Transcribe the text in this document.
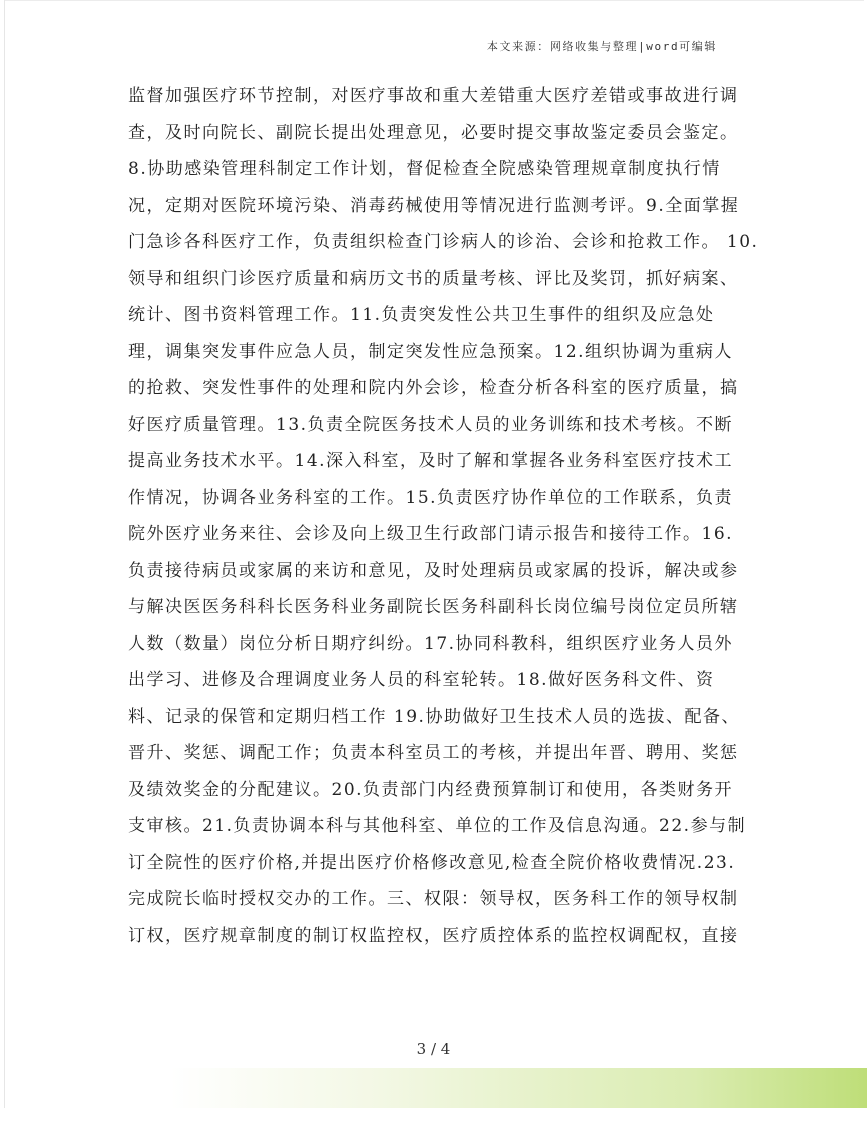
本文来源：网络收集与整理|word可编辑
监督加强医疗环节控制，对医疗事故和重大差错重大医疗差错或事故进行调
查，及时向院长、副院长提出处理意见，必要时提交事故鉴定委员会鉴定。
8.协助感染管理科制定工作计划，督促检查全院感染管理规章制度执行情
况，定期对医院环境污染、消毒药械使用等情况进行监测考评。9.全面掌握
门急诊各科医疗工作，负责组织检查门诊病人的诊治、会诊和抢救工作。 10.
领导和组织门诊医疗质量和病历文书的质量考核、评比及奖罚，抓好病案、
统计、图书资料管理工作。11.负责突发性公共卫生事件的组织及应急处
理，调集突发事件应急人员，制定突发性应急预案。12.组织协调为重病人
的抢救、突发性事件的处理和院内外会诊，检查分析各科室的医疗质量，搞
好医疗质量管理。13.负责全院医务技术人员的业务训练和技术考核。不断
提高业务技术水平。14.深入科室，及时了解和掌握各业务科室医疗技术工
作情况，协调各业务科室的工作。15.负责医疗协作单位的工作联系，负责
院外医疗业务来往、会诊及向上级卫生行政部门请示报告和接待工作。16.
负责接待病员或家属的来访和意见，及时处理病员或家属的投诉，解决或参
与解决医医务科科长医务科业务副院长医务科副科长岗位编号岗位定员所辖
人数（数量）岗位分析日期疗纠纷。17.协同科教科，组织医疗业务人员外
出学习、进修及合理调度业务人员的科室轮转。18.做好医务科文件、资
料、记录的保管和定期归档工作 19.协助做好卫生技术人员的选拔、配备、
晋升、奖惩、调配工作；负责本科室员工的考核，并提出年晋、聘用、奖惩
及绩效奖金的分配建议。20.负责部门内经费预算制订和使用，各类财务开
支审核。21.负责协调本科与其他科室、单位的工作及信息沟通。22.参与制
订全院性的医疗价格,并提出医疗价格修改意见,检查全院价格收费情况.23.
完成院长临时授权交办的工作。三、权限：领导权，医务科工作的领导权制
订权，医疗规章制度的制订权监控权，医疗质控体系的监控权调配权，直接
3 / 4
